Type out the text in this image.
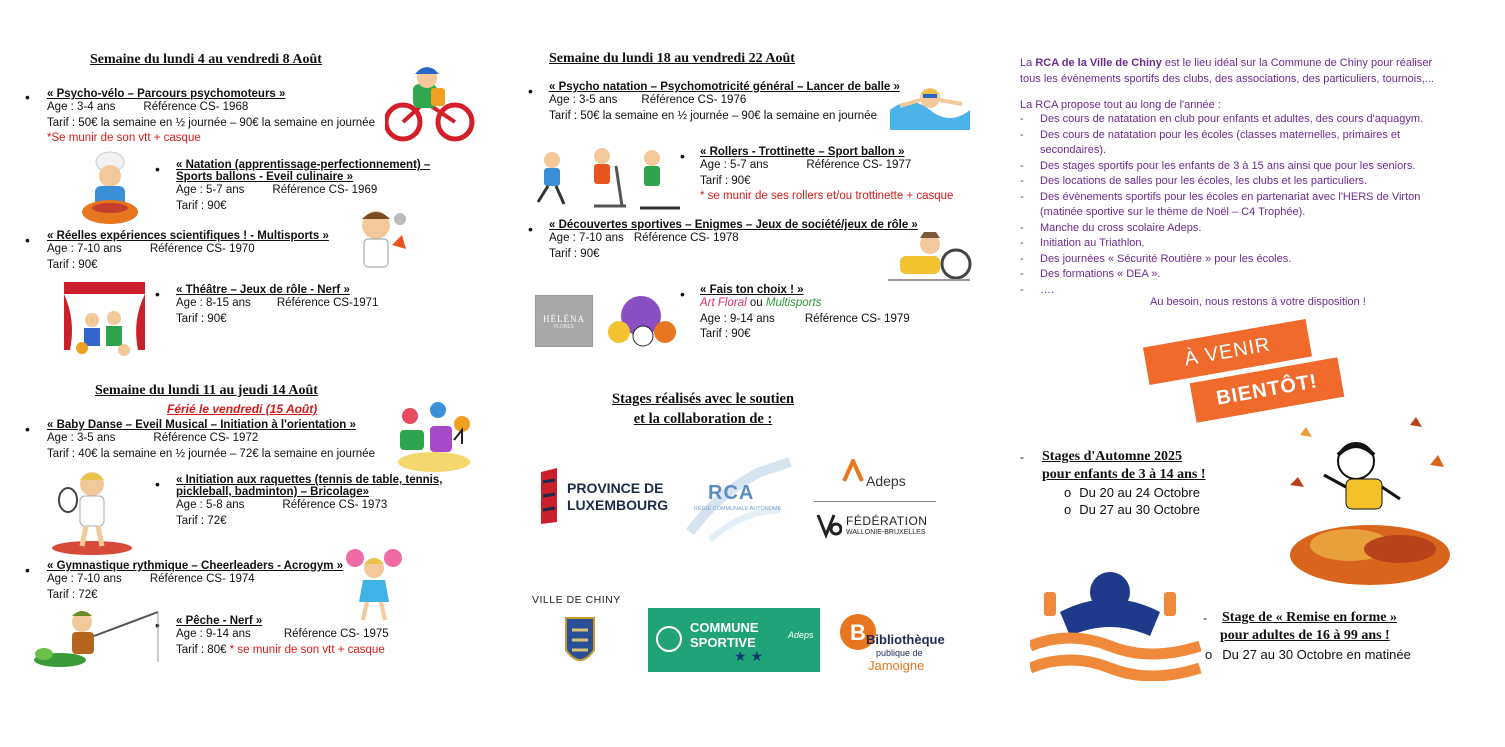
Semaine du lundi 4 au vendredi 8 Août
• « Psycho-vélo – Parcours psychomoteurs »
Age : 3-4 ans Référence CS- 1968
Tarif : 50€ la semaine en ½ journée – 90€ la semaine en journée
*Se munir de son vtt + casque
• « Natation (apprentissage-perfectionnement) –
Sports ballons - Eveil culinaire »
Age : 5-7 ans Référence CS- 1969
Tarif : 90€
• « Réelles expériences scientifiques ! - Multisports »
Age : 7-10 ans Référence CS- 1970
Tarif : 90€
• « Théâtre – Jeux de rôle - Nerf »
Age : 8-15 ans Référence CS-1971
Tarif : 90€
Semaine du lundi 11 au jeudi 14 Août
Férié le vendredi (15 Août)
• « Baby Danse – Eveil Musical – Initiation à l'orientation »
Age : 3-5 ans	Référence CS- 1972
Tarif : 40€ la semaine en ½ journée – 72€ la semaine en journée
• « Initiation aux raquettes (tennis de table, tennis,
pickleball, badminton) – Bricolage»
Age : 5-8 ans	Référence CS- 1973
Tarif : 72€
• « Gymnastique rythmique – Cheerleaders - Acrogym »
Age : 7-10 ans Référence CS- 1974
Tarif : 72€
• « Pêche - Nerf »
Age : 9-14 ans	Référence CS- 1975
Tarif : 80€ * se munir de son vtt + casque
Semaine du lundi 18 au vendredi 22 Août
• « Psycho natation – Psychomotricité général – Lancer de balle »
Age : 3-5 ans Référence CS- 1976
Tarif : 50€ la semaine en ½ journée – 90€ la semaine en journée
• « Rollers - Trottinette – Sport ballon »
Age : 5-7 ans	Référence CS- 1977
Tarif : 90€
* se munir de ses rollers et/ou trottinette + casque
• « Découvertes sportives – Enigmes – Jeux de société/jeux de rôle »
Age : 7-10 ans Référence CS- 1978
Tarif : 90€
• « Fais ton choix ! »
Art Floral ou Multisports
Age : 9-14 ans	Référence CS- 1979
Tarif : 90€
HÉLÉNA
FLORES
Stages réalisés avec le soutien
et la collaboration de :
PROVINCE DE
LUXEMBOURG
RCA
RÉGIE COMMUNALE AUTONOME
Adeps
FÉDÉRATION
WALLONIE-BRUXELLES
VILLE DE CHINY
COMMUNE
SPORTIVE	Adeps
★ ★
B Bibliothèque
publique de
Jamoigne
La RCA de la Ville de Chiny est le lieu idéal sur la Commune de Chiny pour réaliser
tous les évènements sportifs des clubs, des associations, des particuliers, tournois,...
La RCA propose tout au long de l'année :
- Des cours de natatation en club pour enfants et adultes, des cours d'aquagym.
- Des cours de natatation pour les écoles (classes maternelles, primaires et
secondaires).
- Des stages sportifs pour les enfants de 3 à 15 ans ainsi que pour les seniors.
- Des locations de salles pour les écoles, les clubs et les particuliers.
- Des évènements sportifs pour les écoles en partenariat avec l'HERS de Virton
(matinée sportive sur le thème de Noël – C4 Trophée).
- Manche du cross scolaire Adeps.
- Initiation au Triathlon.
- Des journées « Sécurité Routière » pour les écoles.
- Des formations « DEA ».
- ….
Au besoin, nous restons à votre disposition !
À VENIR
BIENTÔT!
- Stages d'Automne 2025
pour enfants de 3 à 14 ans !
o Du 20 au 24 Octobre
o Du 27 au 30 Octobre
- Stage de « Remise en forme »
pour adultes de 16 à 99 ans !
o Du 27 au 30 Octobre en matinée
